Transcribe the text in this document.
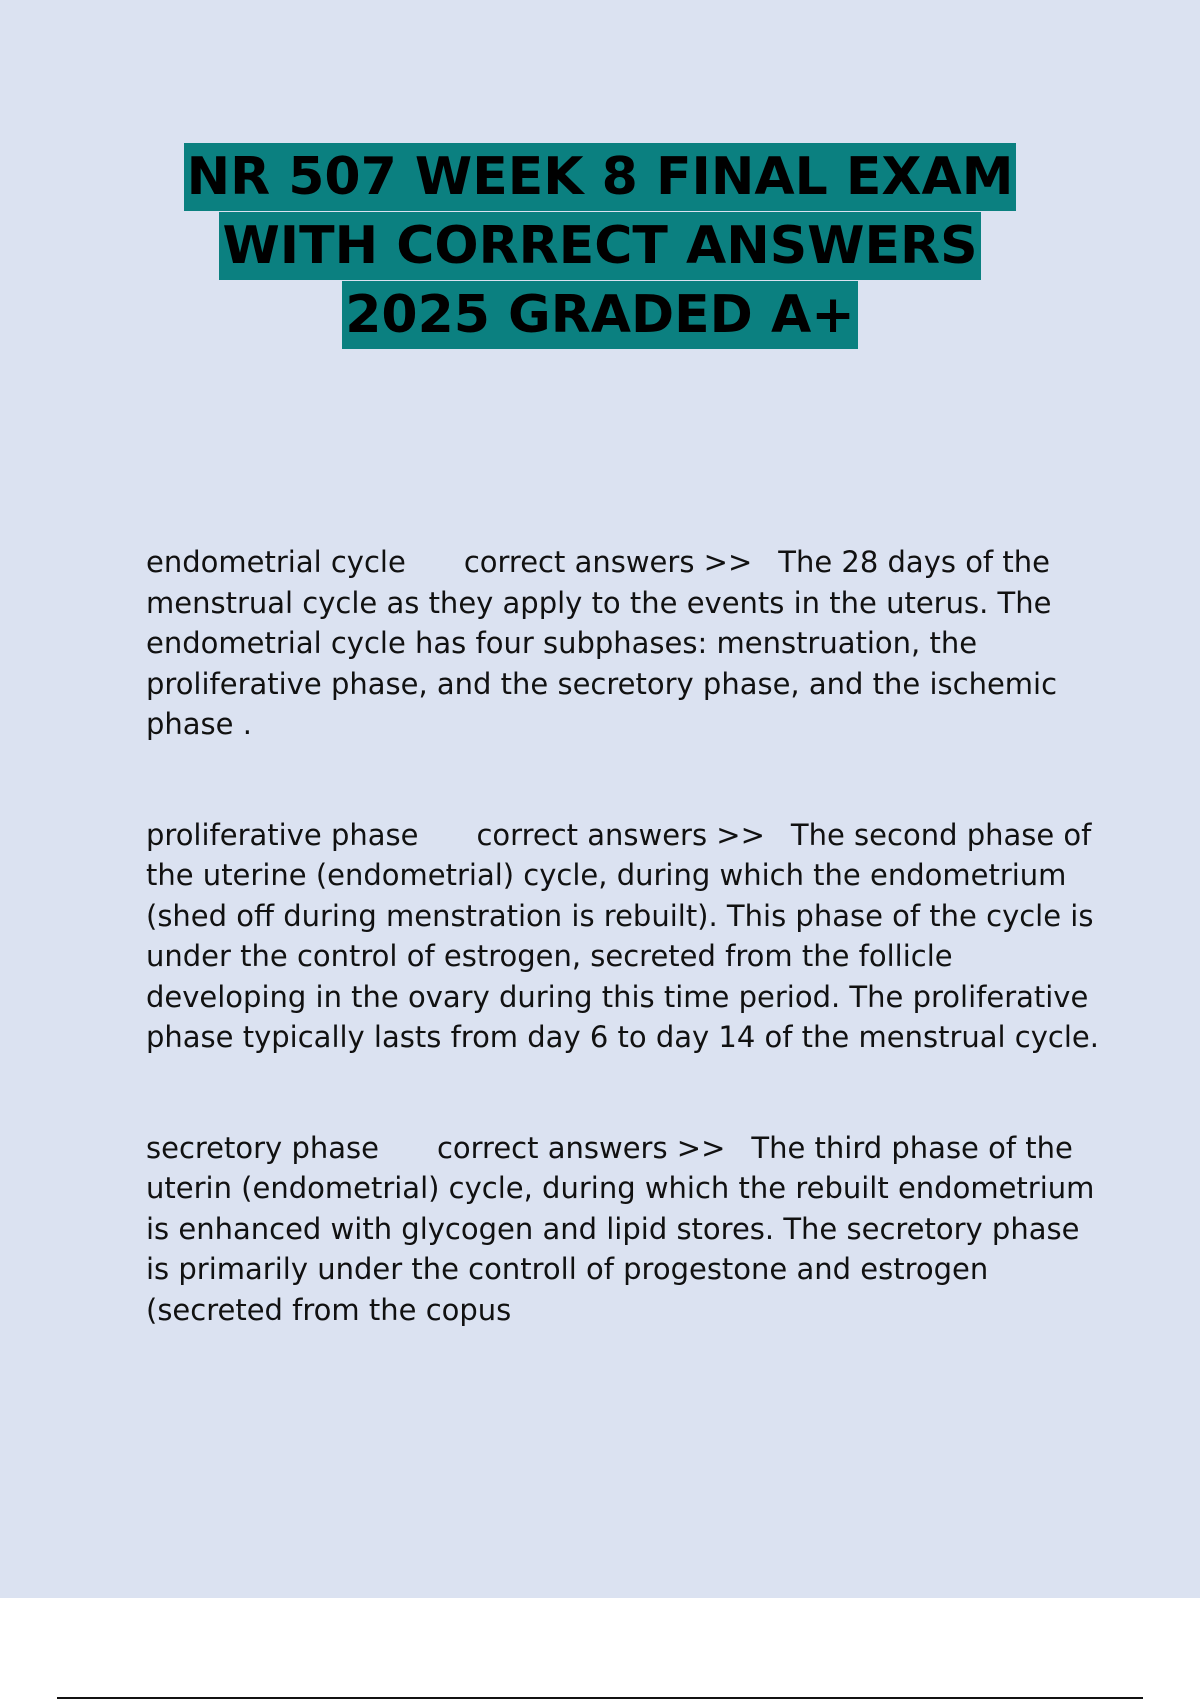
NR 507 WEEK 8 FINAL EXAM
WITH CORRECT ANSWERS
2025 GRADED A+

endometrial cycle correct answers >> The 28 days of the menstrual cycle as they apply to the events in the uterus. The endometrial cycle has four subphases: menstruation, the proliferative phase, and the secretory phase, and the ischemic phase .

proliferative phase correct answers >> The second phase of the uterine (endometrial) cycle, during which the endometrium (shed off during menstration is rebuilt). This phase of the cycle is under the control of estrogen, secreted from the follicle developing in the ovary during this time period. The proliferative phase typically lasts from day 6 to day 14 of the menstrual cycle.

secretory phase correct answers >> The third phase of the uterin (endometrial) cycle, during which the rebuilt endometrium is enhanced with glycogen and lipid stores. The secretory phase is primarily under the controll of progestone and estrogen (secreted from the copus
